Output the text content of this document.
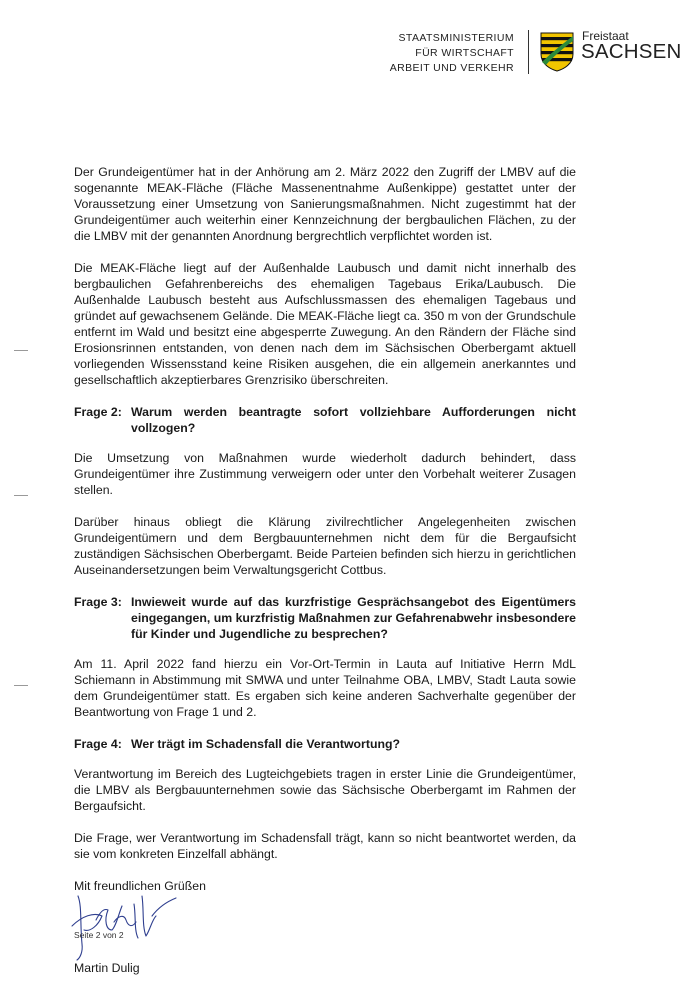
STAATSMINISTERIUM
FÜR WIRTSCHAFT
ARBEIT UND VERKEHR
Freistaat
SACHSEN

Der Grundeigentümer hat in der Anhörung am 2. März 2022 den Zugriff der LMBV auf die sogenannte MEAK-Fläche (Fläche Massenentnahme Außenkippe) gestattet unter der Voraussetzung einer Umsetzung von Sanierungsmaßnahmen. Nicht zugestimmt hat der Grundeigentümer auch weiterhin einer Kennzeichnung der bergbaulichen Flächen, zu der die LMBV mit der genannten Anordnung bergrechtlich verpflichtet worden ist.

Die MEAK-Fläche liegt auf der Außenhalde Laubusch und damit nicht innerhalb des bergbaulichen Gefahrenbereichs des ehemaligen Tagebaus Erika/Laubusch. Die Außenhalde Laubusch besteht aus Aufschlussmassen des ehemaligen Tagebaus und gründet auf gewachsenem Gelände. Die MEAK-Fläche liegt ca. 350 m von der Grundschule entfernt im Wald und besitzt eine abgesperrte Zuwegung. An den Rändern der Fläche sind Erosionsrinnen entstanden, von denen nach dem im Sächsischen Oberbergamt aktuell vorliegenden Wissensstand keine Risiken ausgehen, die ein allgemein anerkanntes und gesellschaftlich akzeptierbares Grenzrisiko überschreiten.

Frage 2: Warum werden beantragte sofort vollziehbare Aufforderungen nicht vollzogen?

Die Umsetzung von Maßnahmen wurde wiederholt dadurch behindert, dass Grundeigentümer ihre Zustimmung verweigern oder unter den Vorbehalt weiterer Zusagen stellen.

Darüber hinaus obliegt die Klärung zivilrechtlicher Angelegenheiten zwischen Grundeigentümern und dem Bergbauunternehmen nicht dem für die Bergaufsicht zuständigen Sächsischen Oberbergamt. Beide Parteien befinden sich hierzu in gerichtlichen Auseinandersetzungen beim Verwaltungsgericht Cottbus.

Frage 3: Inwieweit wurde auf das kurzfristige Gesprächsangebot des Eigentümers eingegangen, um kurzfristig Maßnahmen zur Gefahrenabwehr insbesondere für Kinder und Jugendliche zu besprechen?

Am 11. April 2022 fand hierzu ein Vor-Ort-Termin in Lauta auf Initiative Herrn MdL Schiemann in Abstimmung mit SMWA und unter Teilnahme OBA, LMBV, Stadt Lauta sowie dem Grundeigentümer statt. Es ergaben sich keine anderen Sachverhalte gegenüber der Beantwortung von Frage 1 und 2.

Frage 4: Wer trägt im Schadensfall die Verantwortung?

Verantwortung im Bereich des Lugteichgebiets tragen in erster Linie die Grundeigentümer, die LMBV als Bergbauunternehmen sowie das Sächsische Oberbergamt im Rahmen der Bergaufsicht.

Die Frage, wer Verantwortung im Schadensfall trägt, kann so nicht beantwortet werden, da sie vom konkreten Einzelfall abhängt.

Mit freundlichen Grüßen

Martin Dulig

Seite 2 von 2
